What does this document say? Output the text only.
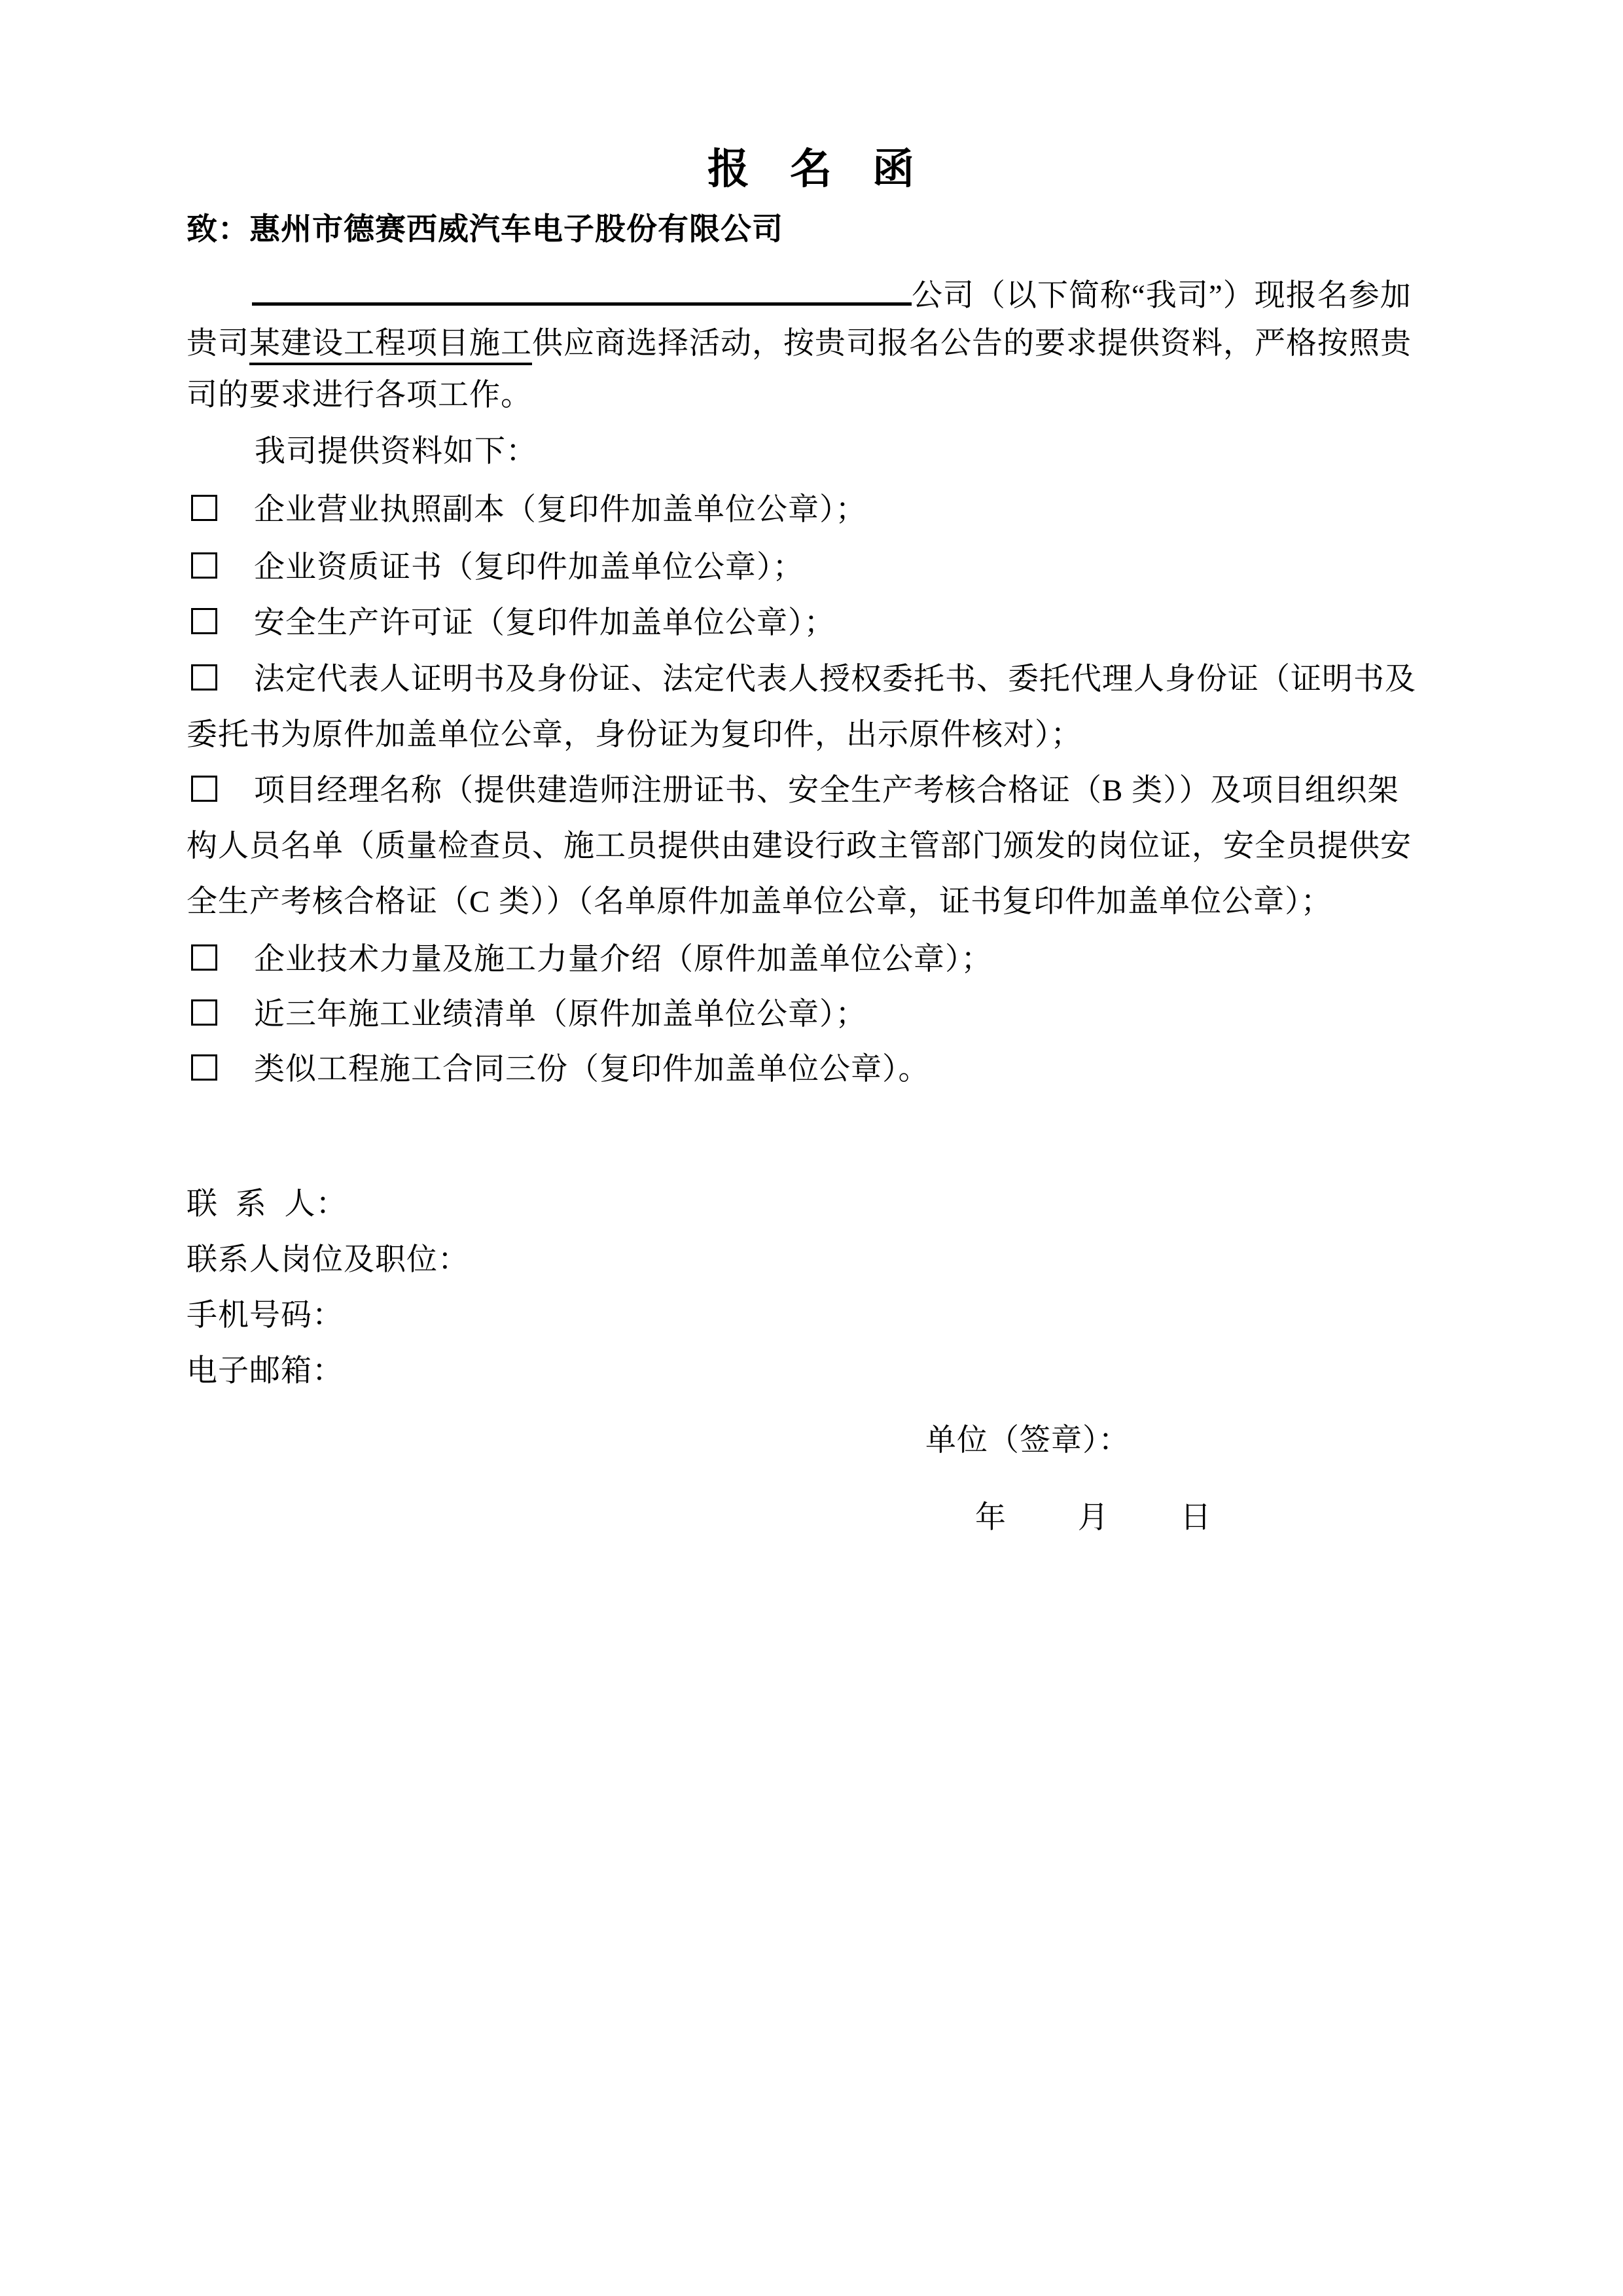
报 名 函
致：惠州市德赛西威汽车电子股份有限公司
公司（以下简称“我司”）现报名参加
贵司某建设工程项目施工供应商选择活动，按贵司报名公告的要求提供资料，严格按照贵
司的要求进行各项工作。
我司提供资料如下：
企业营业执照副本（复印件加盖单位公章）；
企业资质证书（复印件加盖单位公章）；
安全生产许可证（复印件加盖单位公章）；
法定代表人证明书及身份证、法定代表人授权委托书、委托代理人身份证（证明书及
委托书为原件加盖单位公章，身份证为复印件，出示原件核对）；
项目经理名称（提供建造师注册证书、安全生产考核合格证（B 类））及项目组织架
构人员名单（质量检查员、施工员提供由建设行政主管部门颁发的岗位证，安全员提供安
全生产考核合格证（C 类））（名单原件加盖单位公章，证书复印件加盖单位公章）；
企业技术力量及施工力量介绍（原件加盖单位公章）；
近三年施工业绩清单（原件加盖单位公章）；
类似工程施工合同三份（复印件加盖单位公章）。
联 系 人：
联系人岗位及职位：
手机号码：
电子邮箱：
单位（签章）：
年 月 日
